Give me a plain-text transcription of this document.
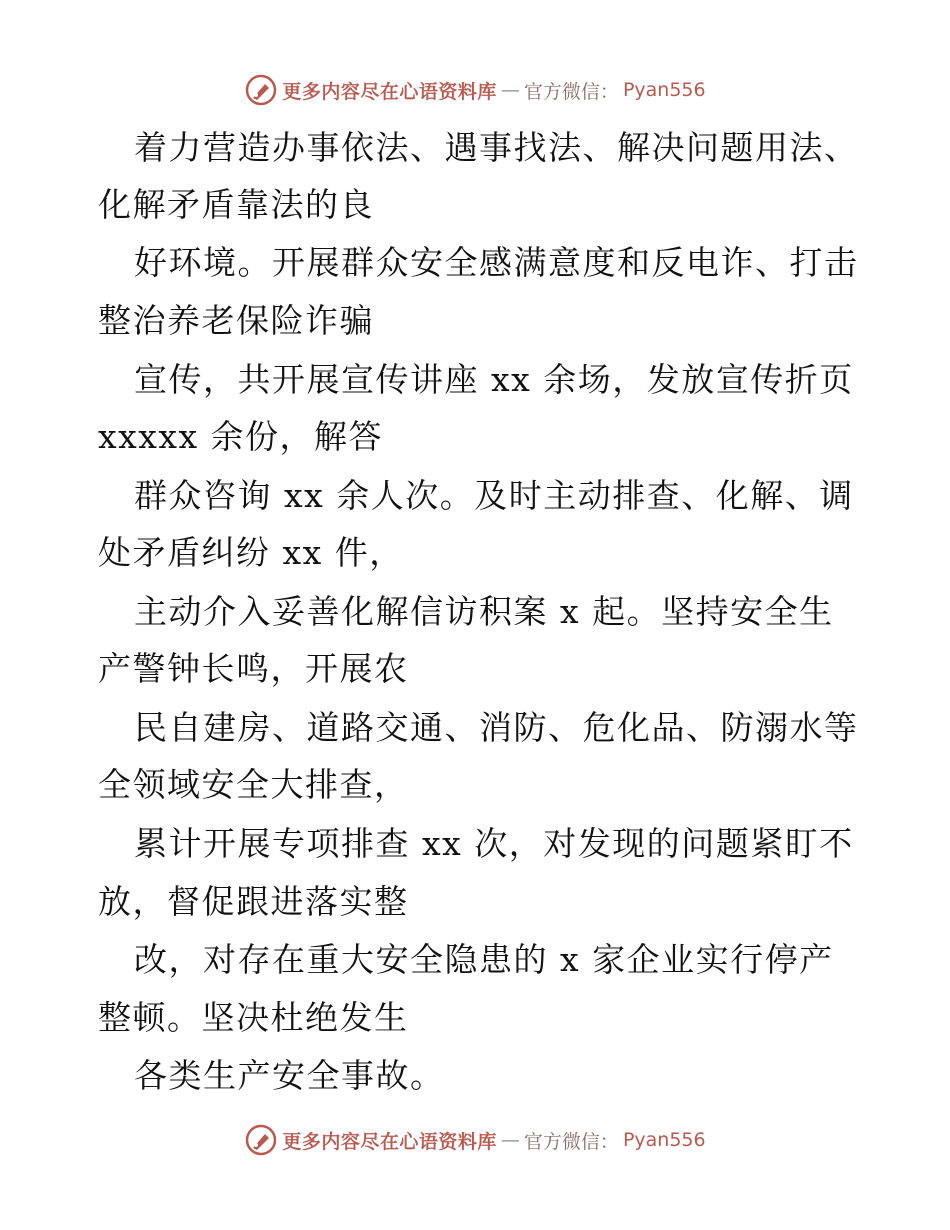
更多内容尽在心语资料库 — 官方微信： Pyan556
着力营造办事依法、遇事找法、解决问题用法、
化解矛盾靠法的良
好环境。开展群众安全感满意度和反电诈、打击
整治养老保险诈骗
宣传，共开展宣传讲座 xx 余场，发放宣传折页
xxxxx 余份，解答
群众咨询 xx 余人次。及时主动排查、化解、调
处矛盾纠纷 xx 件，
主动介入妥善化解信访积案 x 起。坚持安全生
产警钟长鸣，开展农
民自建房、道路交通、消防、危化品、防溺水等
全领域安全大排查，
累计开展专项排查 xx 次，对发现的问题紧盯不
放，督促跟进落实整
改，对存在重大安全隐患的 x 家企业实行停产
整顿。坚决杜绝发生
各类生产安全事故。
更多内容尽在心语资料库 — 官方微信： Pyan556
